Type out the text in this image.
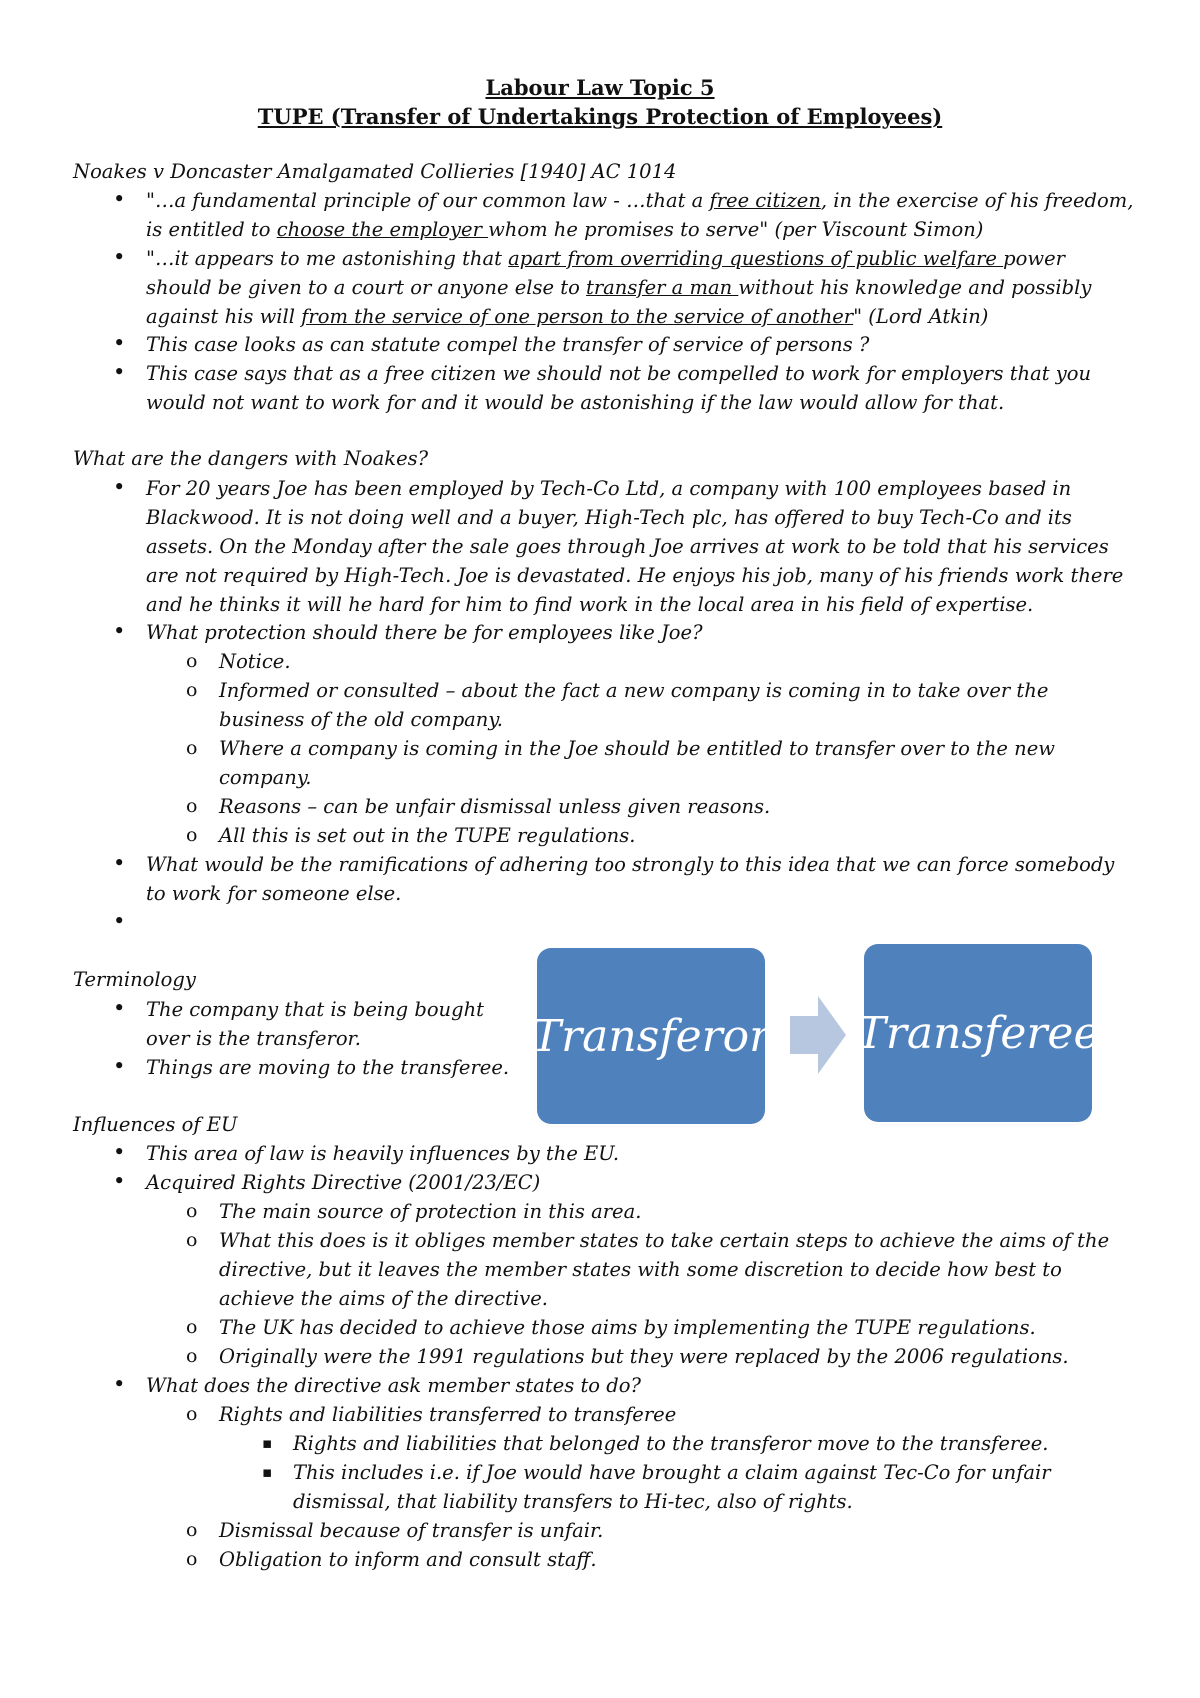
Labour Law Topic 5
TUPE (Transfer of Undertakings Protection of Employees)
Noakes v Doncaster Amalgamated Collieries [1940] AC 1014
• "…a fundamental principle of our common law - …that a free citizen, in the exercise of his freedom,
is entitled to choose the employer whom he promises to serve" (per Viscount Simon)
• "…it appears to me astonishing that apart from overriding questions of public welfare power
should be given to a court or anyone else to transfer a man without his knowledge and possibly
against his will from the service of one person to the service of another" (Lord Atkin)
• This case looks as can statute compel the transfer of service of persons ?
• This case says that as a free citizen we should not be compelled to work for employers that you
would not want to work for and it would be astonishing if the law would allow for that.
What are the dangers with Noakes?
• For 20 years Joe has been employed by Tech-Co Ltd, a company with 100 employees based in
Blackwood. It is not doing well and a buyer, High-Tech plc, has offered to buy Tech-Co and its
assets. On the Monday after the sale goes through Joe arrives at work to be told that his services
are not required by High-Tech. Joe is devastated. He enjoys his job, many of his friends work there
and he thinks it will he hard for him to find work in the local area in his field of expertise.
• What protection should there be for employees like Joe?
o Notice.
o Informed or consulted – about the fact a new company is coming in to take over the
business of the old company.
o Where a company is coming in the Joe should be entitled to transfer over to the new
company.
o Reasons – can be unfair dismissal unless given reasons.
o All this is set out in the TUPE regulations.
• What would be the ramifications of adhering too strongly to this idea that we can force somebody
to work for someone else.
•
Terminology
• The company that is being bought
over is the transferor.
• Things are moving to the transferee.
Transferor Transferee
Influences of EU
• This area of law is heavily influences by the EU.
• Acquired Rights Directive (2001/23/EC)
o The main source of protection in this area.
o What this does is it obliges member states to take certain steps to achieve the aims of the
directive, but it leaves the member states with some discretion to decide how best to
achieve the aims of the directive.
o The UK has decided to achieve those aims by implementing the TUPE regulations.
o Originally were the 1991 regulations but they were replaced by the 2006 regulations.
• What does the directive ask member states to do?
o Rights and liabilities transferred to transferee
▪ Rights and liabilities that belonged to the transferor move to the transferee.
▪ This includes i.e. if Joe would have brought a claim against Tec-Co for unfair
dismissal, that liability transfers to Hi-tec, also of rights.
o Dismissal because of transfer is unfair.
o Obligation to inform and consult staff.
